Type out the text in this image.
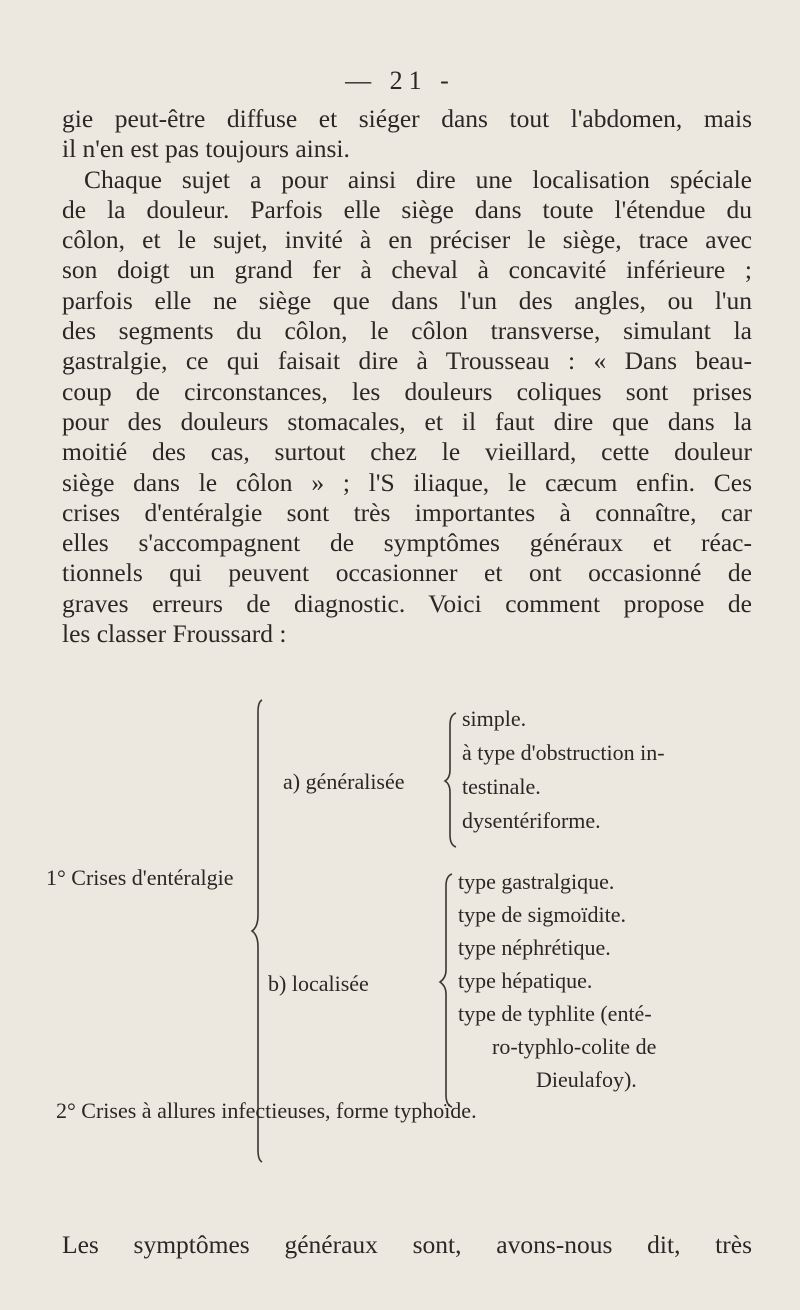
— 21 -
gie peut-être diffuse et siéger dans tout l'abdomen, mais
il n'en est pas toujours ainsi.
Chaque sujet a pour ainsi dire une localisation spéciale
de la douleur. Parfois elle siège dans toute l'étendue du
côlon, et le sujet, invité à en préciser le siège, trace avec
son doigt un grand fer à cheval à concavité inférieure ;
parfois elle ne siège que dans l'un des angles, ou l'un
des segments du côlon, le côlon transverse, simulant la
gastralgie, ce qui faisait dire à Trousseau : « Dans beau-
coup de circonstances, les douleurs coliques sont prises
pour des douleurs stomacales, et il faut dire que dans la
moitié des cas, surtout chez le vieillard, cette douleur
siège dans le côlon » ; l'S iliaque, le cæcum enfin. Ces
crises d'entéralgie sont très importantes à connaître, car
elles s'accompagnent de symptômes généraux et réac-
tionnels qui peuvent occasionner et ont occasionné de
graves erreurs de diagnostic. Voici comment propose de
les classer Froussard :
1° Crises d'entéralgie
a) généralisée
simple.
à type d'obstruction in-
testinale.
dysentériforme.
b) localisée
type gastralgique.
type de sigmoïdite.
type néphrétique.
type hépatique.
type de typhlite (enté-
ro-typhlo-colite de
Dieulafoy).
2° Crises à allures infectieuses, forme typhoïde.
Les symptômes généraux sont, avons-nous dit, très
